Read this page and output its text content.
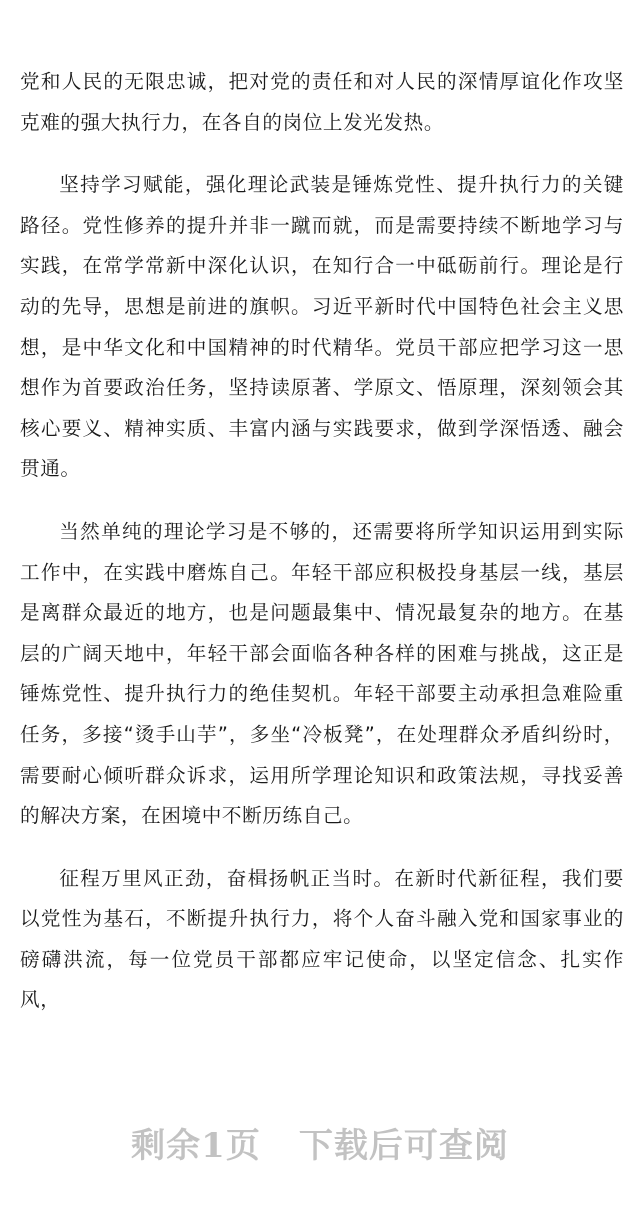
党和人民的无限忠诚，把对党的责任和对人民的深情厚谊化作攻坚克难的强大执行力，在各自的岗位上发光发热。

坚持学习赋能，强化理论武装是锤炼党性、提升执行力的关键路径。党性修养的提升并非一蹴而就，而是需要持续不断地学习与实践，在常学常新中深化认识，在知行合一中砥砺前行。理论是行动的先导，思想是前进的旗帜。习近平新时代中国特色社会主义思想，是中华文化和中国精神的时代精华。党员干部应把学习这一思想作为首要政治任务，坚持读原著、学原文、悟原理，深刻领会其核心要义、精神实质、丰富内涵与实践要求，做到学深悟透、融会贯通。

当然单纯的理论学习是不够的，还需要将所学知识运用到实际工作中，在实践中磨炼自己。年轻干部应积极投身基层一线，基层是离群众最近的地方，也是问题最集中、情况最复杂的地方。在基层的广阔天地中，年轻干部会面临各种各样的困难与挑战，这正是锤炼党性、提升执行力的绝佳契机。年轻干部要主动承担急难险重任务，多接“烫手山芋”，多坐“冷板凳”，在处理群众矛盾纠纷时，需要耐心倾听群众诉求，运用所学理论知识和政策法规，寻找妥善的解决方案，在困境中不断历练自己。

征程万里风正劲，奋楫扬帆正当时。在新时代新征程，我们要以党性为基石，不断提升执行力，将个人奋斗融入党和国家事业的磅礴洪流，每一位党员干部都应牢记使命，以坚定信念、扎实作风，

剩余1页 下载后可查阅
